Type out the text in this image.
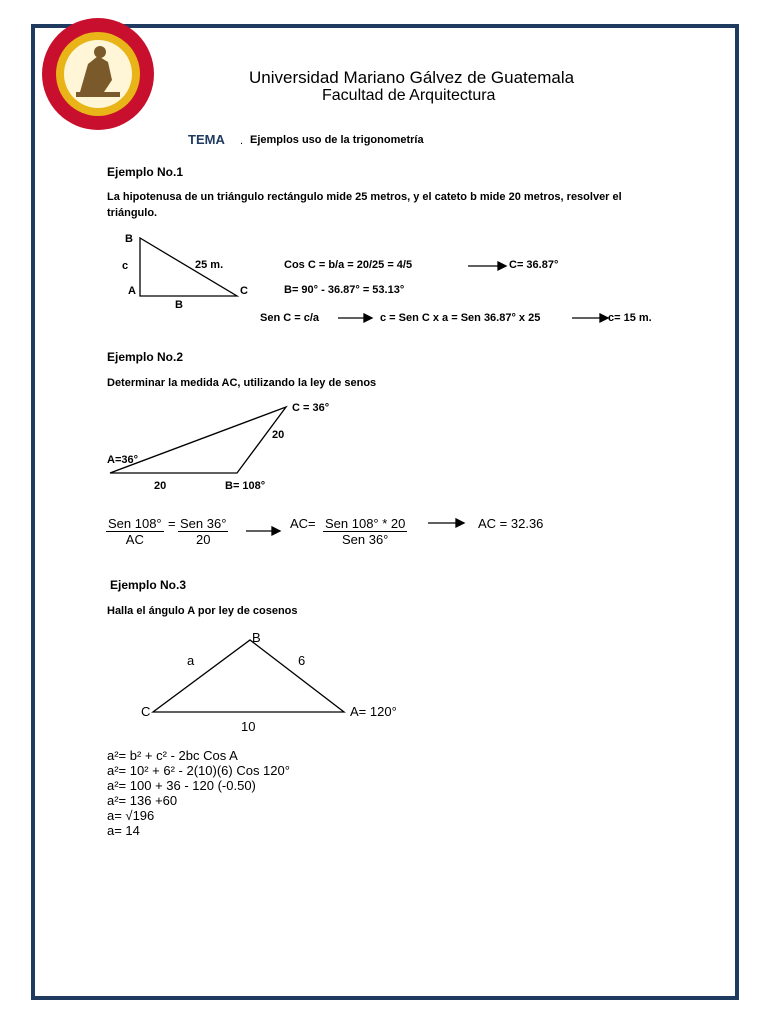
Universidad Mariano Gálvez de Guatemala
Facultad de Arquitectura
TEMA . Ejemplos uso de la trigonometría
Ejemplo No.1
La hipotenusa de un triángulo rectángulo mide 25 metros, y el cateto b mide 20 metros, resolver el
triángulo.
B
c	25 m.
A	C
B
Cos C = b/a = 20/25 = 4/5	C= 36.87°
B= 90° - 36.87° = 53.13°
Sen C = c/a	c = Sen C x a = Sen 36.87° x 25	c= 15 m.
Ejemplo No.2
Determinar la medida AC, utilizando la ley de senos
C = 36°
20
A=36°
20	B= 108°
Sen 108°
AC
= Sen 36°
20
AC= Sen 108° * 20
Sen 36°
AC = 32.36
Ejemplo No.3
Halla el ángulo A por ley de cosenos
B
a	6
C	A= 120°
10
a²= b² + c² - 2bc Cos A
a²= 10² + 6² - 2(10)(6) Cos 120°
a²= 100 + 36 - 120 (-0.50)
a²= 136 +60
a= √196
a= 14
